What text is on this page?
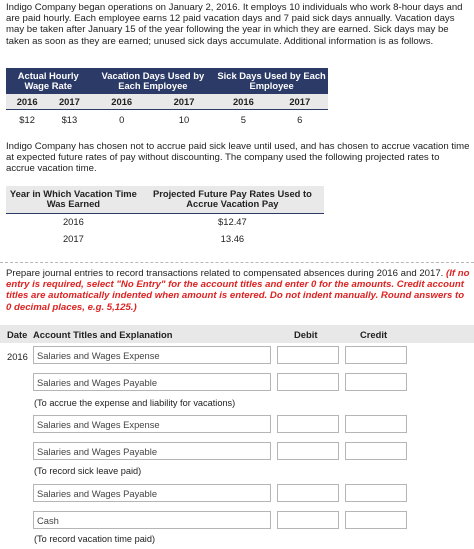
Indigo Company began operations on January 2, 2016. It employs 10 individuals who work 8-hour days and are paid hourly. Each employee earns 12 paid vacation days and 7 paid sick days annually. Vacation days may be taken after January 15 of the year following the year in which they are earned. Sick days may be taken as soon as they are earned; unused sick days accumulate. Additional information is as follows.
Actual Hourly Wage Rate		Vacation Days Used by Each Employee		Sick Days Used by Each Employee	
2016	2017	2016	2017	2016	2017
$12	$13	0	10	5	6
Indigo Company has chosen not to accrue paid sick leave until used, and has chosen to accrue vacation time at expected future rates of pay without discounting. The company used the following projected rates to accrue vacation time.
Year in Which Vacation Time Was Earned	Projected Future Pay Rates Used to Accrue Vacation Pay
2016	$12.47
2017	13.46
Prepare journal entries to record transactions related to compensated absences during 2016 and 2017. (If no entry is required, select "No Entry" for the account titles and enter 0 for the amounts. Credit account titles are automatically indented when amount is entered. Do not indent manually. Round answers to 0 decimal places, e.g. 5,125.)
Date Account Titles and Explanation	Debit	Credit
2016 Salaries and Wages Expense
Salaries and Wages Payable
(To accrue the expense and liability for vacations)
Salaries and Wages Expense
Salaries and Wages Payable
(To record sick leave paid)
Salaries and Wages Payable
Cash
(To record vacation time paid)
